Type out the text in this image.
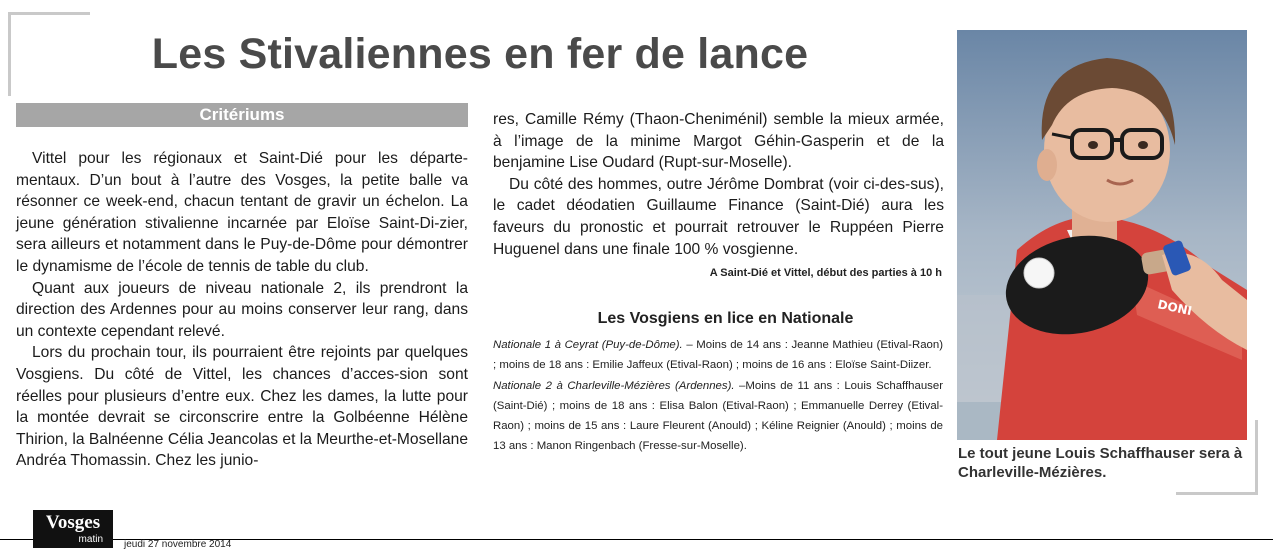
Les Stivaliennes en fer de lance
Critériums

Vittel pour les régionaux et Saint-Dié pour les départe-mentaux. D’un bout à l’autre des Vosges, la petite balle va résonner ce week-end, chacun tentant de gravir un échelon. La jeune génération stivalienne incarnée par Eloïse Saint-Di-zier, sera ailleurs et notamment dans le Puy-de-Dôme pour démontrer le dynamisme de l’école de tennis de table du club.

Quant aux joueurs de niveau nationale 2, ils prendront la direction des Ardennes pour au moins conserver leur rang, dans un contexte cependant relevé.

Lors du prochain tour, ils pourraient être rejoints par quelques Vosgiens. Du côté de Vittel, les chances d’acces-sion sont réelles pour plusieurs d’entre eux. Chez les dames, la lutte pour la montée devrait se circonscrire entre la Golbéenne Hélène Thirion, la Balnéenne Célia Jeancolas et la Meurthe-et-Mosellane Andréa Thomassin. Chez les junio-

res, Camille Rémy (Thaon-Cheniménil) semble la mieux armée, à l’image de la minime Margot Géhin-Gasperin et de la benjamine Lise Oudard (Rupt-sur-Moselle).

Du côté des hommes, outre Jérôme Dombrat (voir ci-des-sus), le cadet déodatien Guillaume Finance (Saint-Dié) aura les faveurs du pronostic et pourrait retrouver le Ruppéen Pierre Huguenel dans une finale 100 % vosgienne.

A Saint-Dié et Vittel, début des parties à 10 h
Les Vosgiens en lice en Nationale

Nationale 1 à Ceyrat (Puy-de-Dôme). – Moins de 14 ans : Jeanne Mathieu (Etival-Raon) ; moins de 18 ans : Emilie Jaffeux (Etival-Raon) ; moins de 16 ans : Eloïse Saint-Diizer.

Nationale 2 à Charleville-Mézières (Ardennes). –Moins de 11 ans : Louis Schaffhauser (Saint-Dié) ; moins de 18 ans : Elisa Balon (Etival-Raon) ; Emmanuelle Derrey (Etival-Raon) ; moins de 15 ans : Laure Fleurent (Anould) ; Kéline Reignier (Anould) ; moins de 13 ans : Manon Ringenbach (Fresse-sur-Moselle).

DONI
Le tout jeune Louis Schaffhauser sera à Charleville-Mézières.
Vosges
matin	jeudi 27 novembre 2014
